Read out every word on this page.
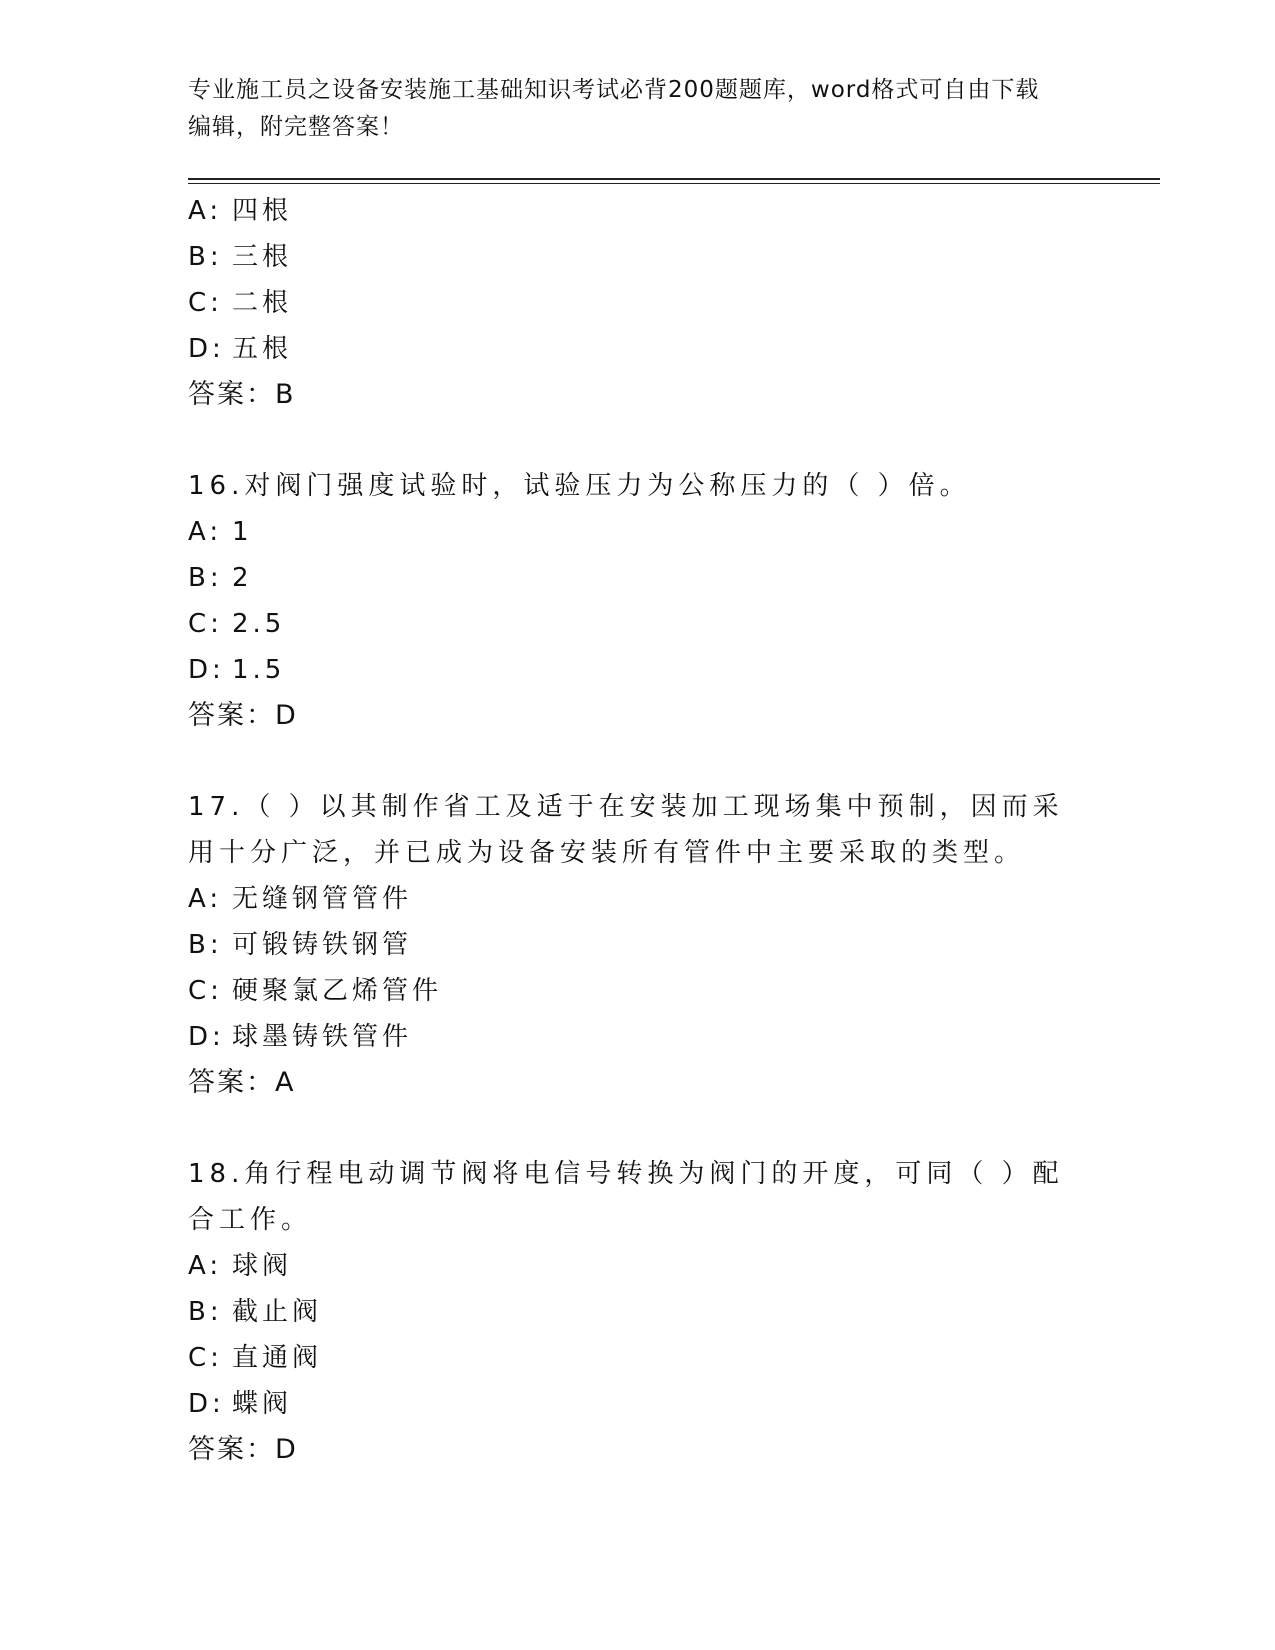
专业施工员之设备安装施工基础知识考试必背200题题库，word格式可自由下载
编辑，附完整答案！
A: 四根
B: 三根
C: 二根
D: 五根
答案：B
16.对阀门强度试验时，试验压力为公称压力的（ ）倍。
A: 1
B: 2
C: 2.5
D: 1.5
答案：D
17.（ ）以其制作省工及适于在安装加工现场集中预制，因而采用十分广泛，并已成为设备安装所有管件中主要采取的类型。
A: 无缝钢管管件
B: 可锻铸铁钢管
C: 硬聚氯乙烯管件
D: 球墨铸铁管件
答案：A
18.角行程电动调节阀将电信号转换为阀门的开度，可同（ ）配合工作。
A: 球阀
B: 截止阀
C: 直通阀
D: 蝶阀
答案：D
